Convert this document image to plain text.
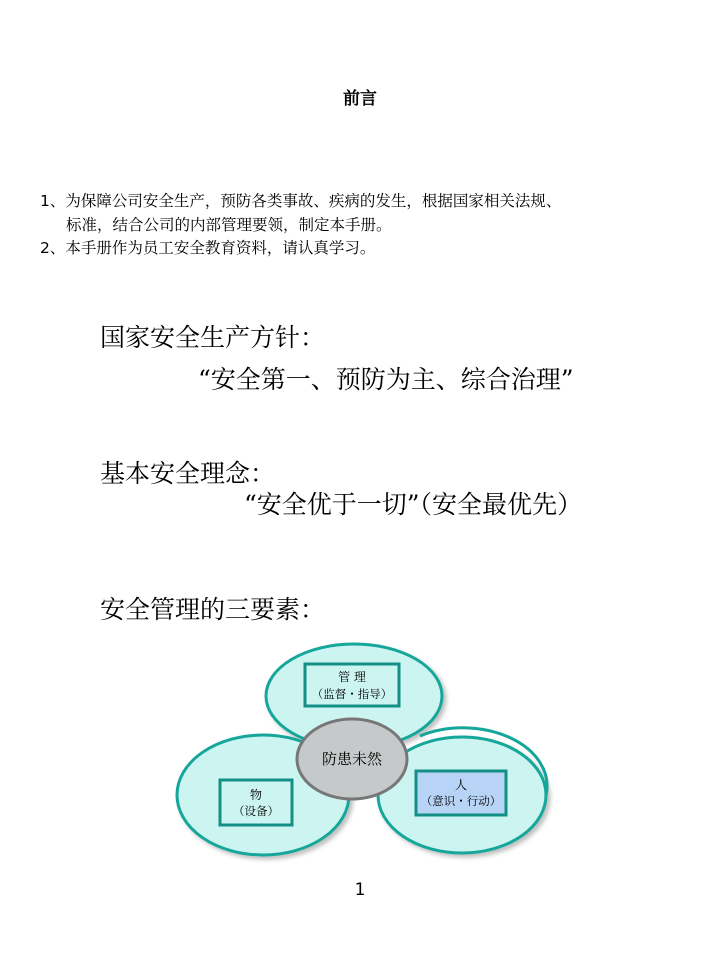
前言
1、为保障公司安全生产，预防各类事故、疾病的发生，根据国家相关法规、
标准，结合公司的内部管理要领，制定本手册。
2、本手册作为员工安全教育资料，请认真学习。
国家安全生产方针：
“安全第一、预防为主、综合治理”
基本安全理念：
“安全优于一切”（安全最优先）
安全管理的三要素：
管 理
（监督・指导）
物
（设备）
人
（意识・行动）
防患未然
1
